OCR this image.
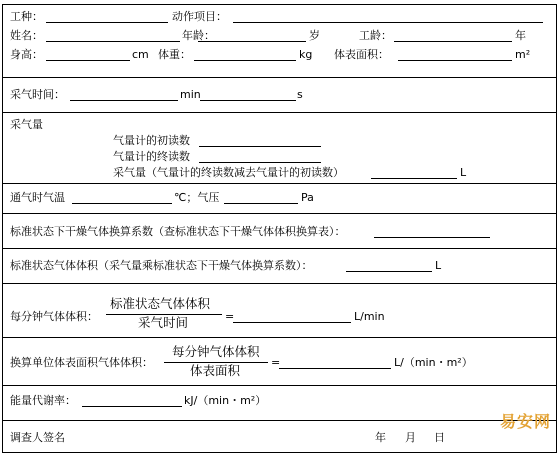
工种：	动作项目：
姓名：	年龄：	岁	工龄：	年
身高：	cm 体重：	kg 体表面积：	m²
采气时间：	min	s
采气量
气量计的初读数
气量计的终读数
采气量（气量计的终读数减去气量计的初读数）	L
通气时气温	℃；气压	Pa
标准状态下干燥气体换算系数（查标准状态下干燥气体体积换算表）：
标准状态气体体积（采气量乘标准状态下干燥气体换算系数）：	L
每分钟气体体积：
标准状态气体体积
采气时间	=	L/min
换算单位体表面积气体体积：
每分钟气体体积
体表面积
=	L/（min・m²）
能量代谢率：	kJ/（min・m²）
调查人签名	年 月 日
易安网
